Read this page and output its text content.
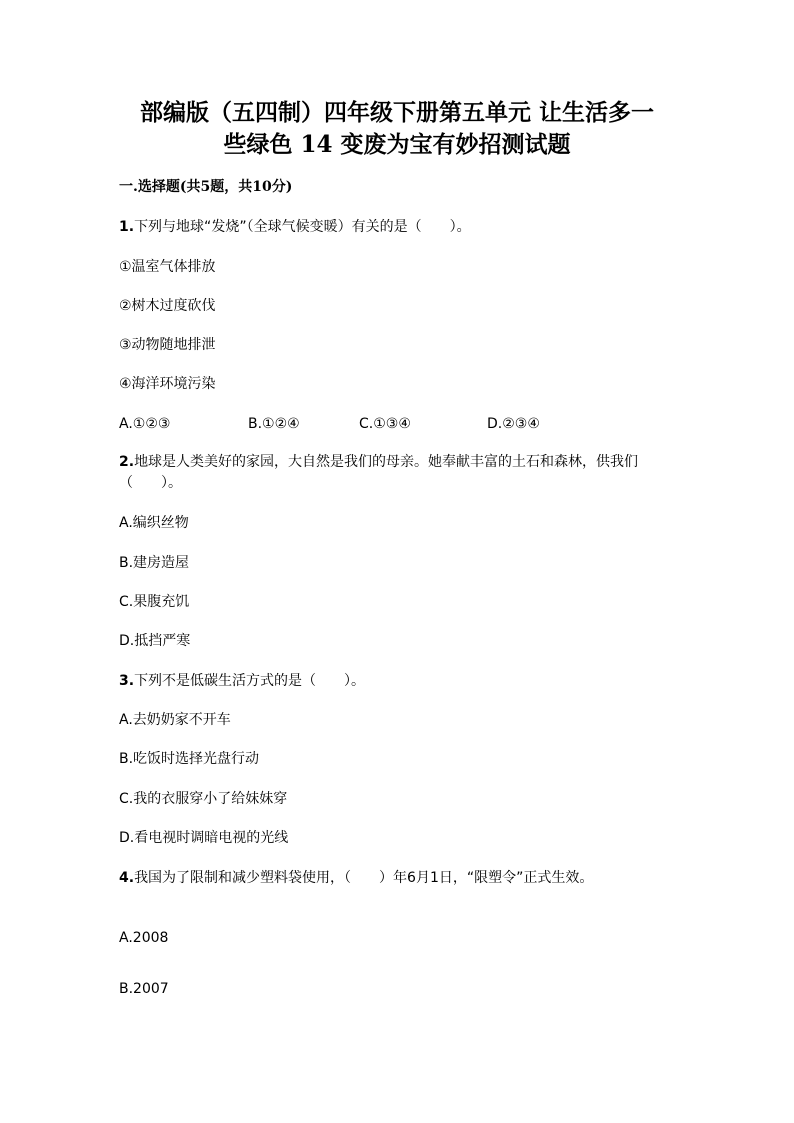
部编版（五四制）四年级下册第五单元 让生活多一
些绿色 14 变废为宝有妙招测试题

一.选择题(共5题，共10分)

1.下列与地球“发烧”（全球气候变暖）有关的是（　　）。

①温室气体排放

②树木过度砍伐

③动物随地排泄

④海洋环境污染

A.①②③	B.①②④	C.①③④	D.②③④

2.地球是人类美好的家园，大自然是我们的母亲。她奉献丰富的土石和森林，供我们（　　）。

A.编织丝物

B.建房造屋

C.果腹充饥

D.抵挡严寒

3.下列不是低碳生活方式的是（　　）。

A.去奶奶家不开车

B.吃饭时选择光盘行动

C.我的衣服穿小了给妹妹穿

D.看电视时调暗电视的光线

4.我国为了限制和减少塑料袋使用，（　　）年6月1日，“限塑令”正式生效。

A.2008

B.2007
